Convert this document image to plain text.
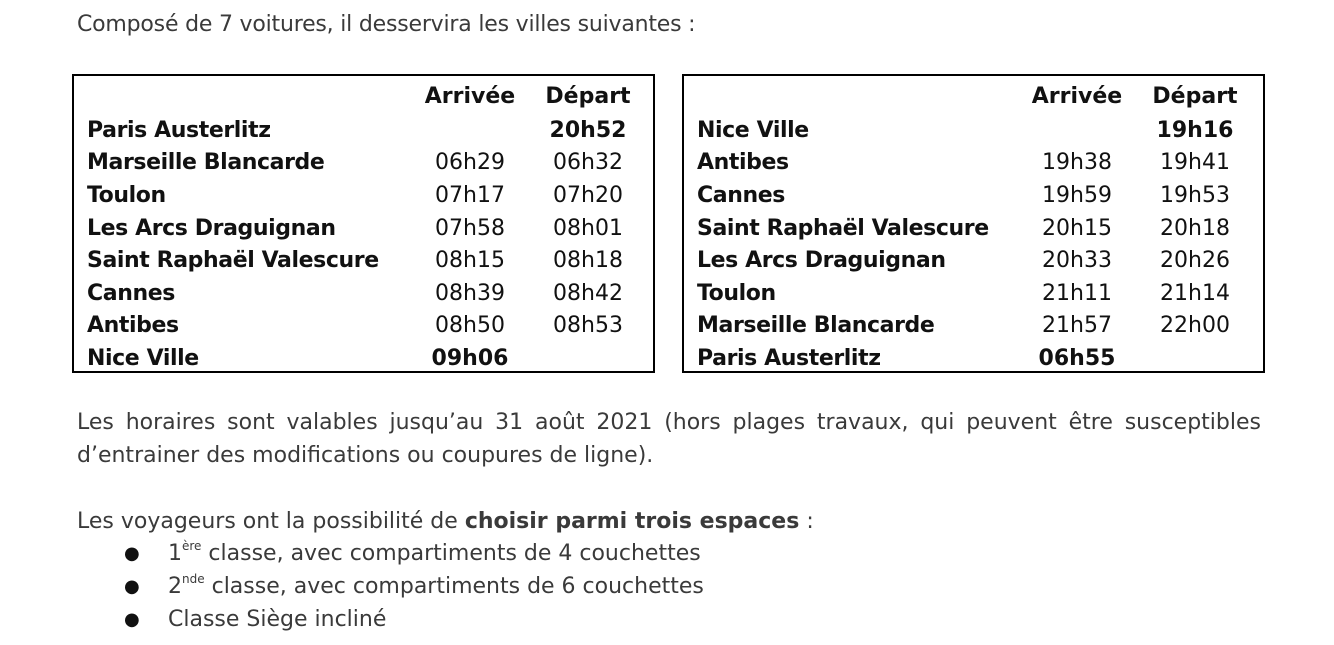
Composé de 7 voitures, il desservira les villes suivantes :

	Arrivée	Départ
Paris Austerlitz		20h52
Marseille Blancarde	06h29	06h32
Toulon	07h17	07h20
Les Arcs Draguignan	07h58	08h01
Saint Raphaël Valescure	08h15	08h18
Cannes	08h39	08h42
Antibes	08h50	08h53
Nice Ville	09h06	
	Arrivée	Départ
Nice Ville		19h16
Antibes	19h38	19h41
Cannes	19h59	19h53
Saint Raphaël Valescure	20h15	20h18
Les Arcs Draguignan	20h33	20h26
Toulon	21h11	21h14
Marseille Blancarde	21h57	22h00
Paris Austerlitz	06h55	

Les horaires sont valables jusqu’au 31 août 2021 (hors plages travaux, qui peuvent être susceptibles d’entrainer des modifications ou coupures de ligne).

Les voyageurs ont la possibilité de choisir parmi trois espaces :

● 1ère classe, avec compartiments de 4 couchettes
● 2nde classe, avec compartiments de 6 couchettes
● Classe Siège incliné
